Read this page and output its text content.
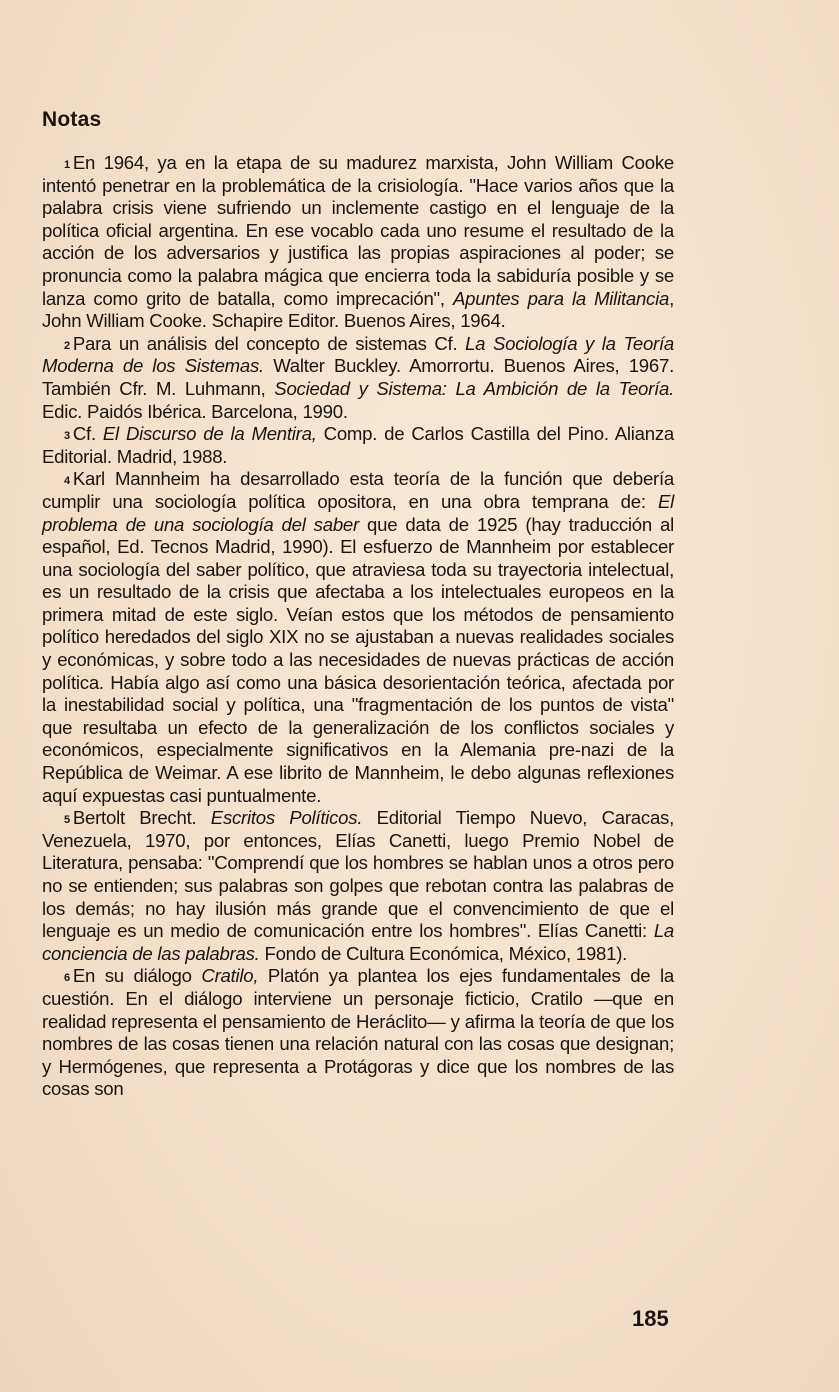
Notas

$^1$ En 1964, ya en la etapa de su madurez marxista, John William Cooke intentó penetrar en la problemática de la crisiología. "Hace varios años que la palabra crisis viene sufriendo un inclemente castigo en el lenguaje de la política oficial argentina. En ese vocablo cada uno resume el resultado de la acción de los adversarios y justifica las propias aspiraciones al poder; se pronuncia como la palabra mágica que encierra toda la sabiduría posible y se lanza como grito de batalla, como imprecación", Apuntes para la Militancia, John William Cooke. Schapire Editor. Buenos Aires, 1964.

$^2$ Para un análisis del concepto de sistemas Cf. La Sociología y la Teoría Moderna de los Sistemas. Walter Buckley. Amorrortu. Buenos Aires, 1967. También Cfr. M. Luhmann, Sociedad y Sistema: La Ambición de la Teoría. Edic. Paidós Ibérica. Barcelona, 1990.

$^3$ Cf. El Discurso de la Mentira, Comp. de Carlos Castilla del Pino. Alianza Editorial. Madrid, 1988.

$^4$ Karl Mannheim ha desarrollado esta teoría de la función que debería cumplir una sociología política opositora, en una obra temprana de: El problema de una sociología del saber que data de 1925 (hay traducción al español, Ed. Tecnos Madrid, 1990). El esfuerzo de Mannheim por establecer una sociología del saber político, que atraviesa toda su trayectoria intelectual, es un resultado de la crisis que afectaba a los intelectuales europeos en la primera mitad de este siglo. Veían estos que los métodos de pensamiento político heredados del siglo XIX no se ajustaban a nuevas realidades sociales y económicas, y sobre todo a las necesidades de nuevas prácticas de acción política. Había algo así como una básica desorientación teórica, afectada por la inestabilidad social y política, una "fragmentación de los puntos de vista" que resultaba un efecto de la generalización de los conflictos sociales y económicos, especialmente significativos en la Alemania pre-nazi de la República de Weimar. A ese librito de Mannheim, le debo algunas reflexiones aquí expuestas casi puntualmente.

$^5$ Bertolt Brecht. Escritos Políticos. Editorial Tiempo Nuevo, Caracas, Venezuela, 1970, por entonces, Elías Canetti, luego Premio Nobel de Literatura, pensaba: "Comprendí que los hombres se hablan unos a otros pero no se entienden; sus palabras son golpes que rebotan contra las palabras de los demás; no hay ilusión más grande que el convencimiento de que el lenguaje es un medio de comunicación entre los hombres". Elías Canetti: La conciencia de las palabras. Fondo de Cultura Económica, México, 1981).

$^6$ En su diálogo Cratilo, Platón ya plantea los ejes fundamentales de la cuestión. En el diálogo interviene un personaje ficticio, Cratilo —que en realidad representa el pensamiento de Heráclito— y afirma la teoría de que los nombres de las cosas tienen una relación natural con las cosas que designan; y Hermógenes, que representa a Protágoras y dice que los nombres de las cosas son

185
